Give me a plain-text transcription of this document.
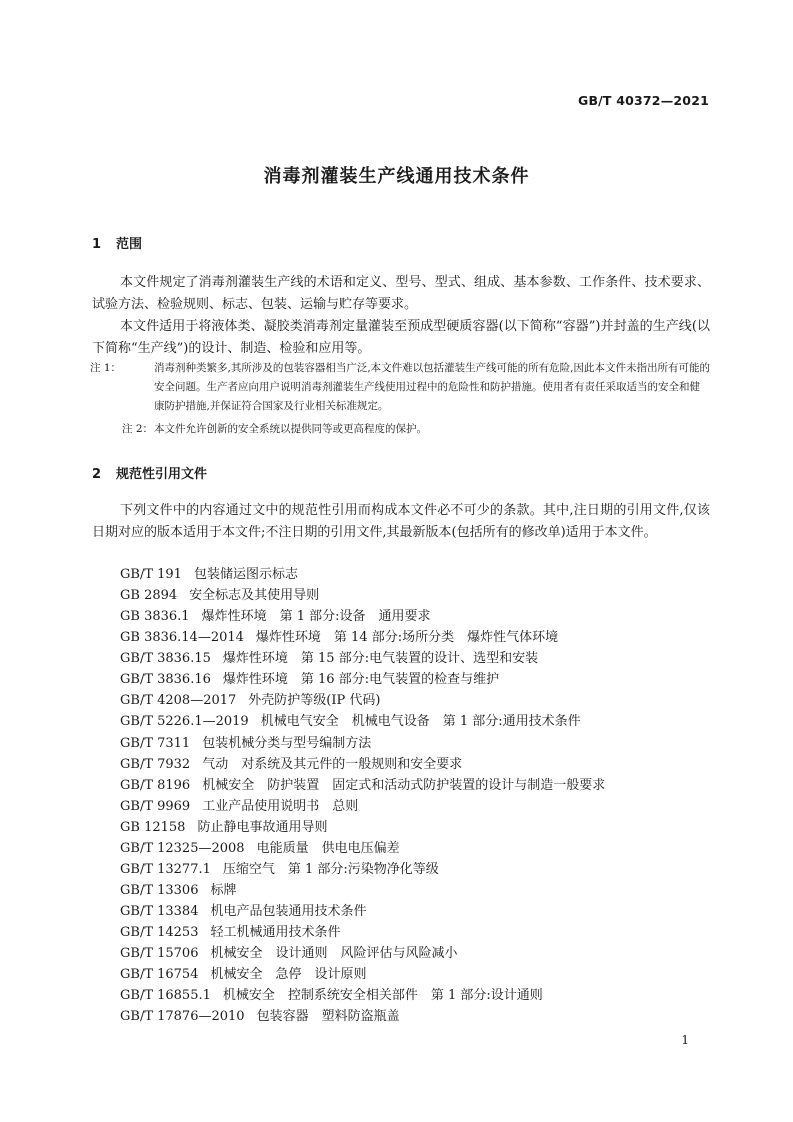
GB/T 40372—2021
消毒剂灌装生产线通用技术条件
1 范围

本文件规定了消毒剂灌装生产线的术语和定义、型号、型式、组成、基本参数、工作条件、技术要求、试验方法、检验规则、标志、包装、运输与贮存等要求。

本文件适用于将液体类、凝胶类消毒剂定量灌装至预成型硬质容器(以下简称“容器”)并封盖的生产线(以下简称“生产线”)的设计、制造、检验和应用等。

注 1：	消毒剂种类繁多,其所涉及的包装容器相当广泛,本文件难以包括灌装生产线可能的所有危险,因此本文件未指出所有可能的安全问题。生产者应向用户说明消毒剂灌装生产线使用过程中的危险性和防护措施。使用者有责任采取适当的安全和健康防护措施,并保证符合国家及行业相关标准规定。

注 2：本文件允许创新的安全系统以提供同等或更高程度的保护。

2 规范性引用文件

下列文件中的内容通过文中的规范性引用而构成本文件必不可少的条款。其中,注日期的引用文件,仅该日期对应的版本适用于本文件;不注日期的引用文件,其最新版本(包括所有的修改单)适用于本文件。

GB/T 191 包装储运图示标志
GB 2894 安全标志及其使用导则
GB 3836.1 爆炸性环境　第 1 部分:设备　通用要求
GB 3836.14—2014 爆炸性环境　第 14 部分:场所分类　爆炸性气体环境
GB/T 3836.15 爆炸性环境　第 15 部分:电气装置的设计、选型和安装
GB/T 3836.16 爆炸性环境　第 16 部分:电气装置的检查与维护
GB/T 4208—2017 外壳防护等级(IP 代码)
GB/T 5226.1—2019 机械电气安全　机械电气设备　第 1 部分:通用技术条件
GB/T 7311 包装机械分类与型号编制方法
GB/T 7932 气动　对系统及其元件的一般规则和安全要求
GB/T 8196 机械安全　防护装置　固定式和活动式防护装置的设计与制造一般要求
GB/T 9969 工业产品使用说明书　总则
GB 12158 防止静电事故通用导则
GB/T 12325—2008 电能质量　供电电压偏差
GB/T 13277.1 压缩空气　第 1 部分:污染物净化等级
GB/T 13306 标牌
GB/T 13384 机电产品包装通用技术条件
GB/T 14253 轻工机械通用技术条件
GB/T 15706 机械安全　设计通则　风险评估与风险减小
GB/T 16754 机械安全　急停　设计原则
GB/T 16855.1 机械安全　控制系统安全相关部件　第 1 部分:设计通则
GB/T 17876—2010 包装容器　塑料防盗瓶盖
1
